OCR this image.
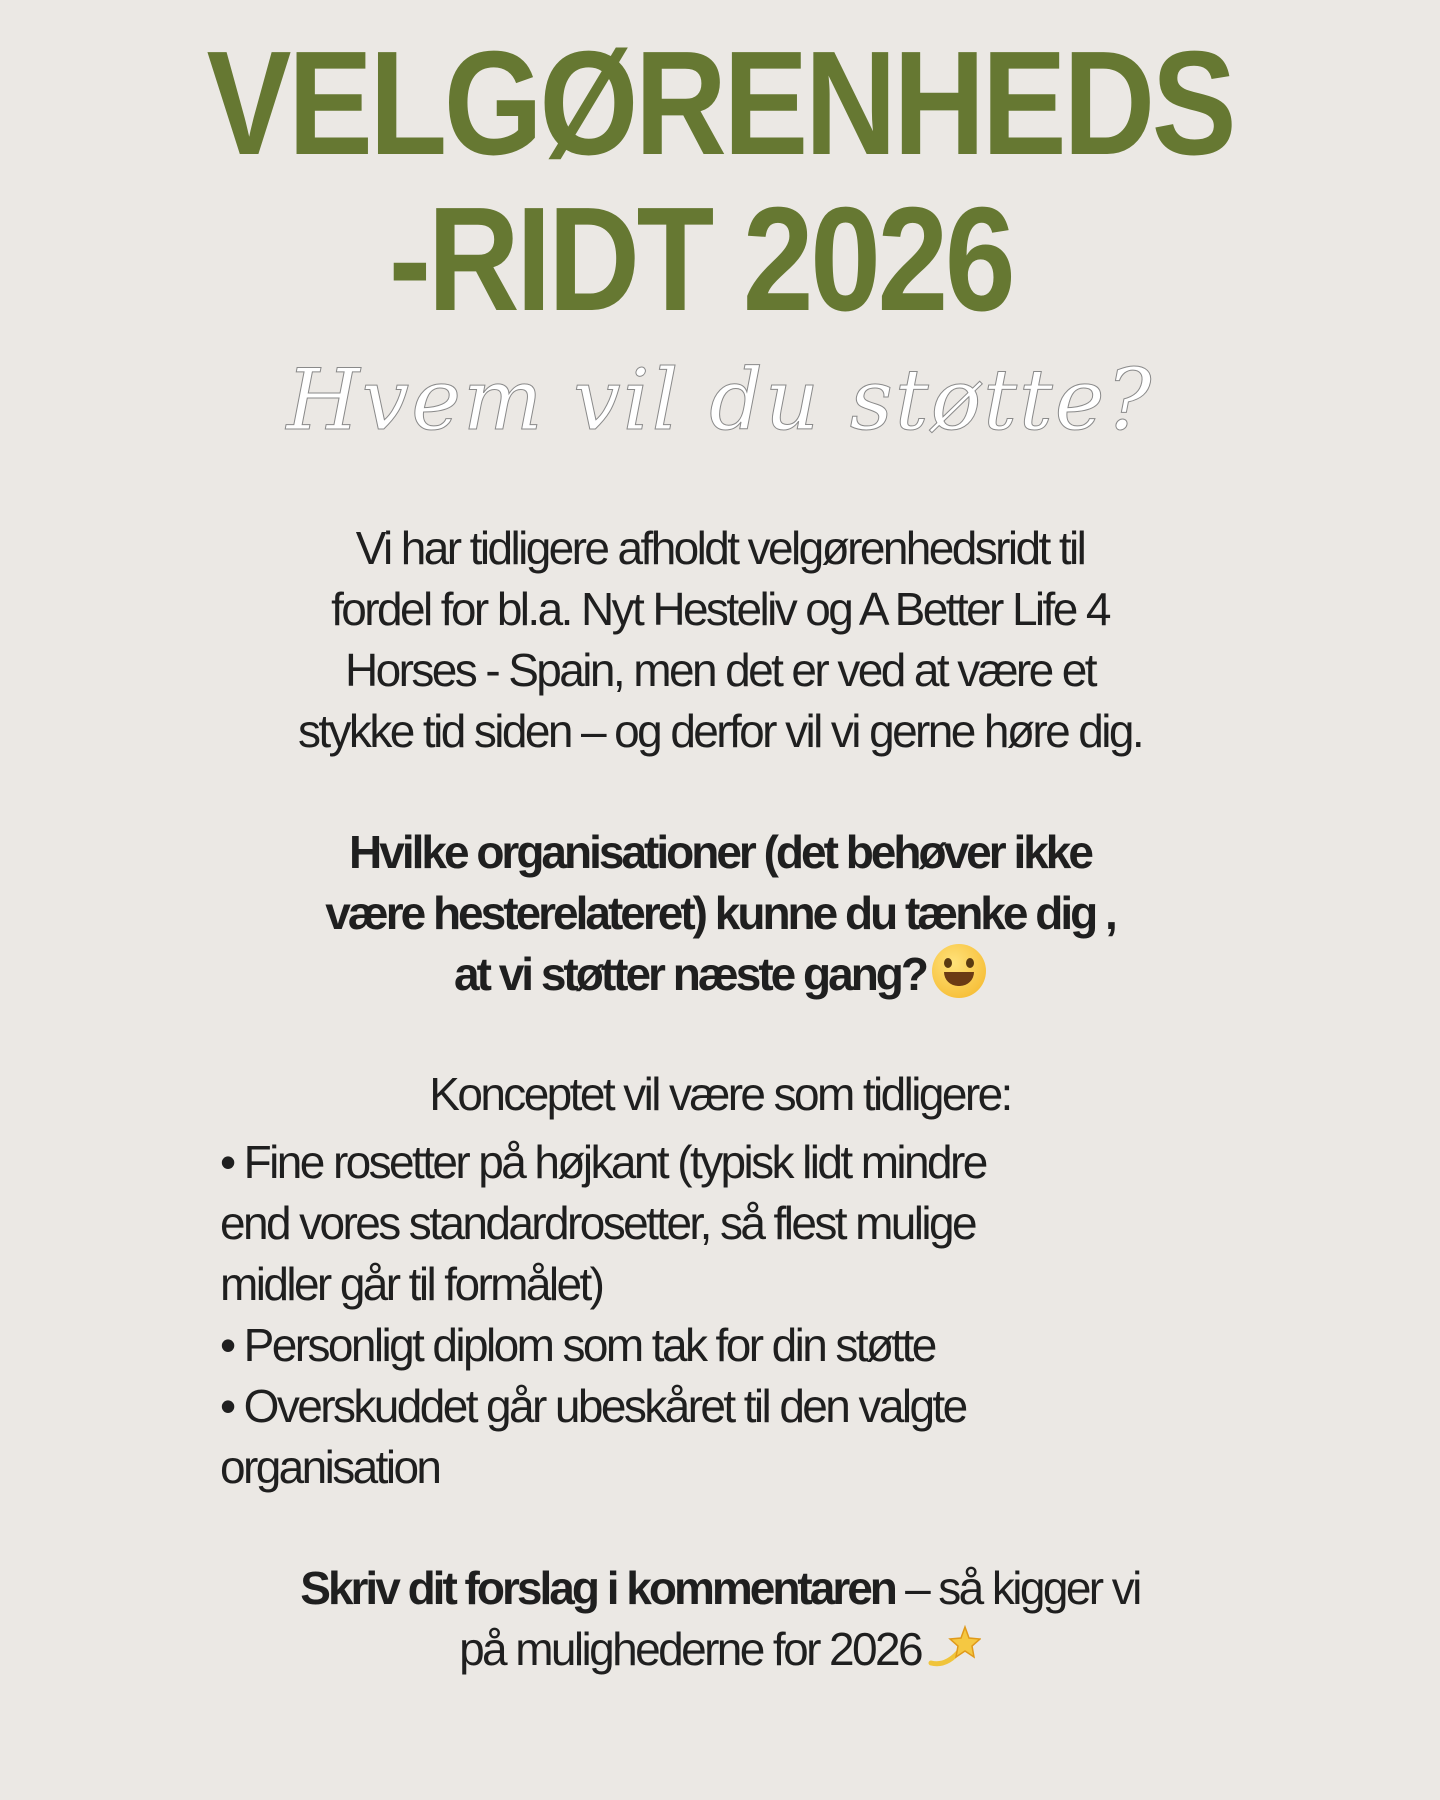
VELGØRENHEDS
-RIDT 2026
Hvem vil du støtte?
Vi har tidligere afholdt velgørenhedsridt til
fordel for bl.a. Nyt Hesteliv og A Better Life 4
Horses - Spain, men det er ved at være et
stykke tid siden – og derfor vil vi gerne høre dig.
Hvilke organisationer (det behøver ikke
være hesterelateret) kunne du tænke dig ,
at vi støtter næste gang?
Konceptet vil være som tidligere:
• Fine rosetter på højkant (typisk lidt mindre
end vores standardrosetter, så flest mulige
midler går til formålet)
• Personligt diplom som tak for din støtte
• Overskuddet går ubeskåret til den valgte
organisation
Skriv dit forslag i kommentaren – så kigger vi
på mulighederne for 2026
